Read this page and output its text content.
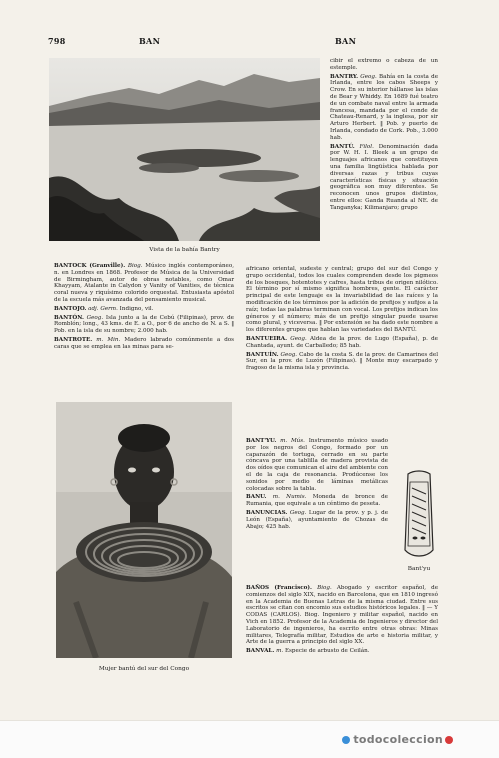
798	BAN	BAN
Vista de la bahía Bantry

BANTOCK (Granville). Biog. Músico inglés contemporáneo, n. en Londres en 1868. Profesor de Música de la Universidad de Birmingham, autor de obras notables, como Omar Khayyam, Atalante in Calydon y Vanity of Vanities, de técnica coral nueva y riquísimo colorido orquestal. Entusiasta apóstol de la escuela más avanzada del pensamiento musical.

BANTOJO. adj. Germ. Indigno, vil.

BANTÓN. Geog. Isla junto a la de Cebú (Filipinas), prov. de Romblón; long., 43 kms. de E. a O., por 6 de ancho de N. a S. ‖ Pob. en la isla de su nombre; 2.000 hab.

BANTROTE. m. Min. Madero labrado comúnmente a dos caras que se emplea en las minas para se-

Mujer bantú del sur del Congo

cibir el extremo o cabeza de un estemple.

BANTRY. Geog. Bahía en la costa de Irlanda, entre los cabos Sheeps y Crow. En su interior hállanse las islas de Bear y Whiddy. En 1689 fué teatro de un combate naval entre la armada francesa, mandada por el conde de Chateau-Renard, y la inglesa, por sir Arturo Herbert. ‖ Pob. y puerto de Irlanda, condado de Cork. Pob., 3.000 hab.

BANTÚ. Filol. Denominación dada por W. H. I. Bleek a un grupo de lenguajes africanos que constituyen una familia lingüística hablada por diversas razas y tribus cuyas características físicas y situación geográfica son muy diferentes. Se reconocen unos grupos distintos, entre ellos: Ganda Ruanda al NE. de Tanganyka; Kilimanjaro; grupo

africano oriental, sudeste y central; grupo del sur del Congo y grupo occidental, todos los cuales comprenden desde los pigmeos de los bosques, hotentotes y cafres, hasta tribus de origen nilótico. El término por sí mismo significa hombres, gente. El carácter principal de este lenguaje es la invariabilidad de las raíces y la modificación de los términos por la adición de prefijos y sufijos a la raíz; todas las palabras terminan con vocal. Los prefijos indican los géneros y el número; más de un prefijo singular puede usarse como plural, y viceversa. ‖ Por extensión se ha dado este nombre a los diferentes grupos que hablan las variedades del BANTÚ.

BANTUEIRA. Geog. Aldea de la prov. de Lugo (España), p. de Chantada, ayunt. de Carballedo; 85 hab.

BANTUÍN. Geog. Cabo de la costa S. de la prov. de Camarines del Sur, en la prov. de Luzón (Filipinas). ‖ Monte muy escarpado y fragoso de la misma isla y provincia.

BANT'YU. m. Mús. Instrumento músico usado por los negros del Congo, formado por un caparazón de tortuga, cerrado en su parte cóncava por una tablilla de madera provista de dos oídos que comunican el aire del ambiente con el de la caja de resonancia. Prodúcense los sonidos por medio de láminas metálicas colocadas sobre la tabla.

BANU. m. Numis. Moneda de bronce de Rumania, que equivale a un céntimo de peseta.

BANUNCIAS. Geog. Lugar de la prov. y p. j. de León (España), ayuntamiento de Chozas de Abajo; 425 hab.

Bant'yu

BAÑOS (Francisco). Biog. Abogado y escritor español, de comienzos del siglo XIX, nacido en Barcelona, que en 1810 ingresó en la Academia de Buenas Letras de la misma ciudad. Entre sus escritos se citan con encomio sus estudios históricos legales. ‖ — Y CODAS (CARLOS). Biog. Ingeniero y militar español, nacido en Vich en 1852. Profesor de la Academia de Ingenieros y director del Laboratorio de ingenieros, ha escrito entre otras obras: Minas militares, Telegrafía militar, Estudios de arte e historia militar, y Arte de la guerra a principio del siglo XX.

BANVAL. m. Especie de arbusto de Ceilán.

todocoleccion
